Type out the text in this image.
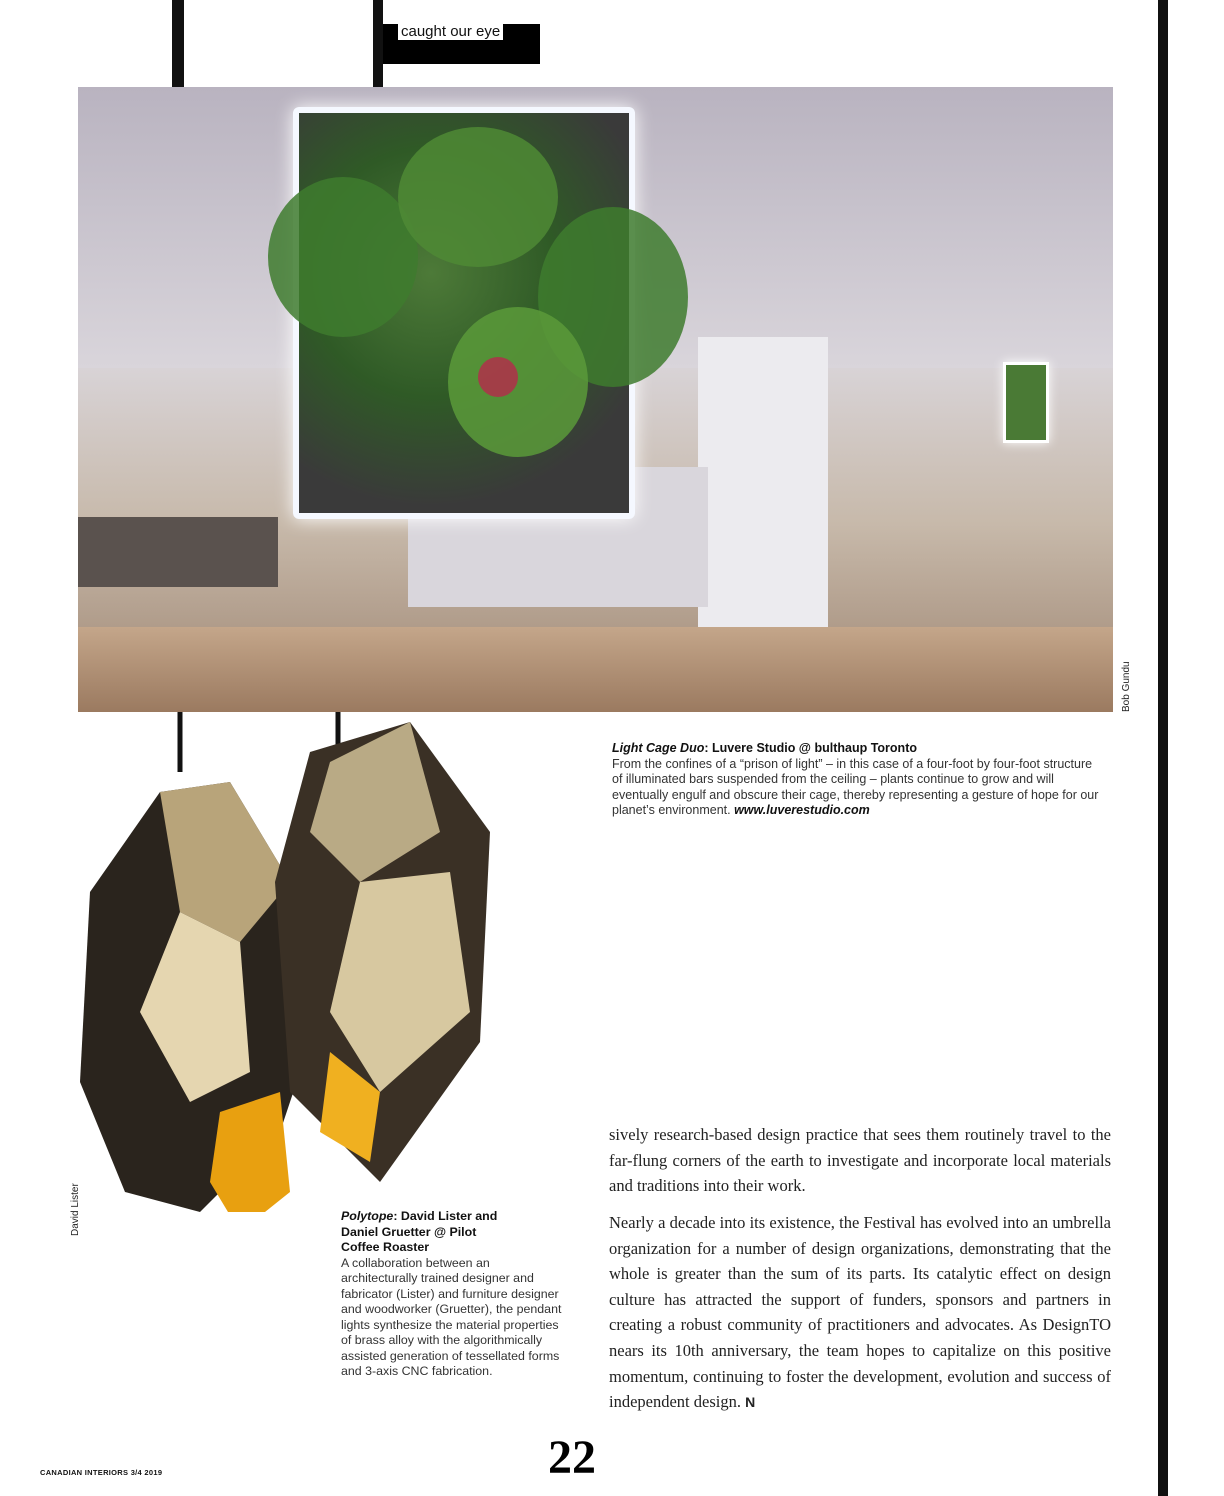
caught our eye
Bob Gundu
David Lister
Light Cage Duo: Luvere Studio @ bulthaup Toronto
From the confines of a “prison of light” – in this case of a four-foot by four-foot structure of illuminated bars suspended from the ceiling – plants continue to grow and will eventually engulf and obscure their cage, thereby representing a gesture of hope for our planet’s environment. www.luverestudio.com
Polytope: David Lister and Daniel Gruetter @ Pilot Coffee Roaster
A collaboration between an architecturally trained designer and fabricator (Lister) and furniture designer and woodworker (Gruetter), the pendant lights synthesize the material properties of brass alloy with the algorithmically assisted generation of tessellated forms and 3-axis CNC fabrication.
sively research-based design practice that sees them routinely travel to the far-flung corners of the earth to investigate and incorporate local materials and traditions into their work.
Nearly a decade into its existence, the Festival has evolved into an umbrella organization for a number of design organizations, demonstrating that the whole is greater than the sum of its parts. Its catalytic effect on design culture has attracted the support of funders, sponsors and partners in creating a robust community of practitioners and advocates. As DesignTO nears its 10th anniversary, the team hopes to capitalize on this positive momentum, continuing to foster the development, evolution and success of independent design. N
CANADIAN INTERIORS 3/4 2019	22
